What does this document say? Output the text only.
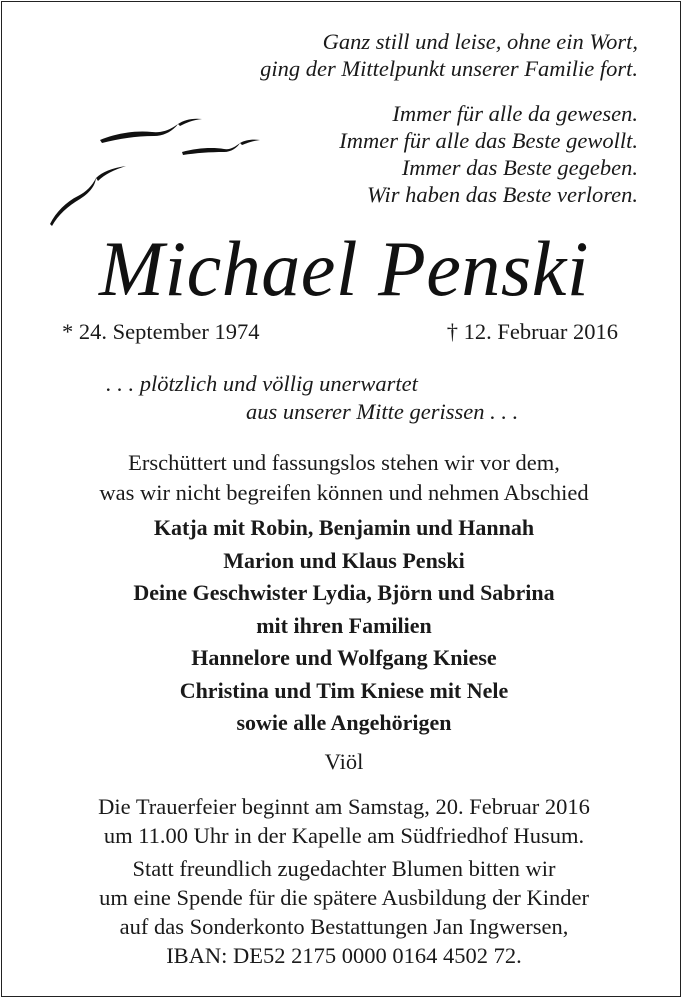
Ganz still und leise, ohne ein Wort,
ging der Mittelpunkt unserer Familie fort.
Immer für alle da gewesen.
Immer für alle das Beste gewollt.
Immer das Beste gegeben.
Wir haben das Beste verloren.
Michael Penski
* 24. September 1974	† 12. Februar 2016
. . . plötzlich und völlig unerwartet
aus unserer Mitte gerissen . . .
Erschüttert und fassungslos stehen wir vor dem,
was wir nicht begreifen können und nehmen Abschied
Katja mit Robin, Benjamin und Hannah
Marion und Klaus Penski
Deine Geschwister Lydia, Björn und Sabrina
mit ihren Familien
Hannelore und Wolfgang Kniese
Christina und Tim Kniese mit Nele
sowie alle Angehörigen
Viöl
Die Trauerfeier beginnt am Samstag, 20. Februar 2016
um 11.00 Uhr in der Kapelle am Südfriedhof Husum.
Statt freundlich zugedachter Blumen bitten wir
um eine Spende für die spätere Ausbildung der Kinder
auf das Sonderkonto Bestattungen Jan Ingwersen,
IBAN: DE52 2175 0000 0164 4502 72.
